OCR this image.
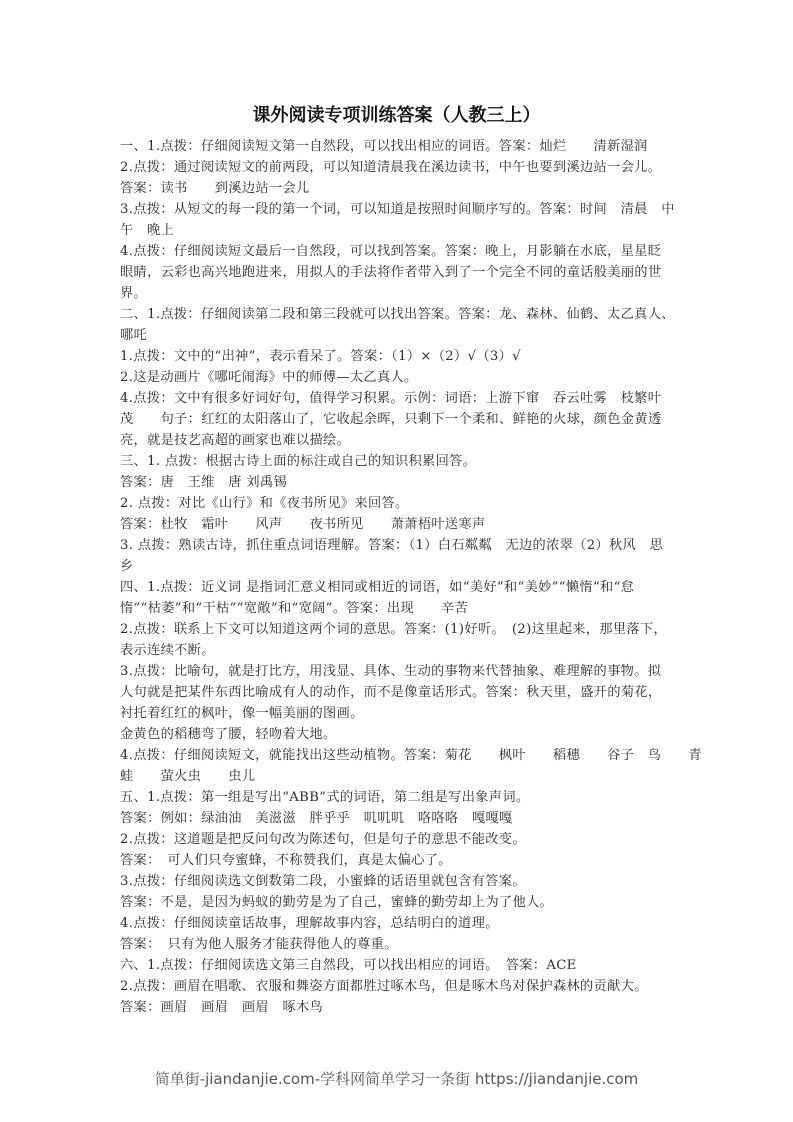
课外阅读专项训练答案（人教三上）
一、1.点拨：仔细阅读短文第一自然段，可以找出相应的词语。答案：灿烂　　清新湿润
2.点拨：通过阅读短文的前两段，可以知道清晨我在溪边读书，中午也要到溪边站一会儿。
答案：读书　　到溪边站一会儿
3.点拨：从短文的每一段的第一个词，可以知道是按照时间顺序写的。答案：时间　清晨　中
午　晚上
4.点拨：仔细阅读短文最后一自然段，可以找到答案。答案：晚上，月影躺在水底，星星眨
眼睛，云彩也高兴地跑进来，用拟人的手法将作者带入到了一个完全不同的童话般美丽的世
界。
二、1.点拨：仔细阅读第二段和第三段就可以找出答案。答案：龙、森林、仙鹤、太乙真人、
哪吒
1.点拨：文中的“出神”，表示看呆了。答案：（1）×（2）√（3）√
2.这是动画片《哪吒闹海》中的师傅—太乙真人。
4.点拨：文中有很多好词好句，值得学习积累。示例：词语：上游下窜　吞云吐雾　枝繁叶
茂　　句子：红红的太阳落山了，它收起余晖，只剩下一个柔和、鲜艳的火球，颜色金黄透
亮，就是技艺高超的画家也难以描绘。
三、1. 点拨：根据古诗上面的标注或自己的知识积累回答。
答案：唐　王维　唐 刘禹锡
2. 点拨：对比《山行》和《夜书所见》来回答。
答案：杜牧　霜叶　　风声　　夜书所见　　萧萧梧叶送寒声
3. 点拨：熟读古诗，抓住重点词语理解。答案：（1）白石粼粼　无边的浓翠（2）秋风　思
乡
四、1.点拨：近义词 是指词汇意义相同或相近的词语，如“美好”和“美妙”“懒惰”和“怠
惰”“枯萎”和“干枯”“宽敞”和“宽阔”。答案：出现　　辛苦
2.点拨：联系上下文可以知道这两个词的意思。答案：(1)好听。　(2)这里起来，那里落下，
表示连续不断。
3.点拨：比喻句，就是打比方，用浅显、具体、生动的事物来代替抽象、难理解的事物。拟
人句就是把某件东西比喻成有人的动作，而不是像童话形式。答案：秋天里，盛开的菊花，
衬托着红红的枫叶，像一幅美丽的图画。
金黄色的稻穗弯了腰，轻吻着大地。
4.点拨：仔细阅读短文，就能找出这些动植物。答案：菊花　　枫叶　　稻穗　　谷子　鸟　　青
蛙　　萤火虫　　虫儿
五、1.点拨：第一组是写出“ABB”式的词语，第二组是写出象声词。
答案：例如：绿油油　美滋滋　胖乎乎　叽叽叽　咯咯咯　嘎嘎嘎
2.点拨：这道题是把反问句改为陈述句，但是句子的意思不能改变。
答案：　可人们只夸蜜蜂，不称赞我们，真是太偏心了。
3.点拨：仔细阅读选文倒数第二段，小蜜蜂的话语里就包含有答案。
答案：不是，是因为蚂蚁的勤劳是为了自己，蜜蜂的勤劳却上为了他人。
4.点拨：仔细阅读童话故事，理解故事内容，总结明白的道理。
答案：　只有为他人服务才能获得他人的尊重。
六、1.点拨：仔细阅读选文第三自然段，可以找出相应的词语。　答案：ACE
2.点拨：画眉在唱歌、衣服和舞姿方面都胜过啄木鸟，但是啄木鸟对保护森林的贡献大。
答案：画眉　画眉　画眉　啄木鸟
简单街-jiandanjie.com-学科网简单学习一条街 https://jiandanjie.com
